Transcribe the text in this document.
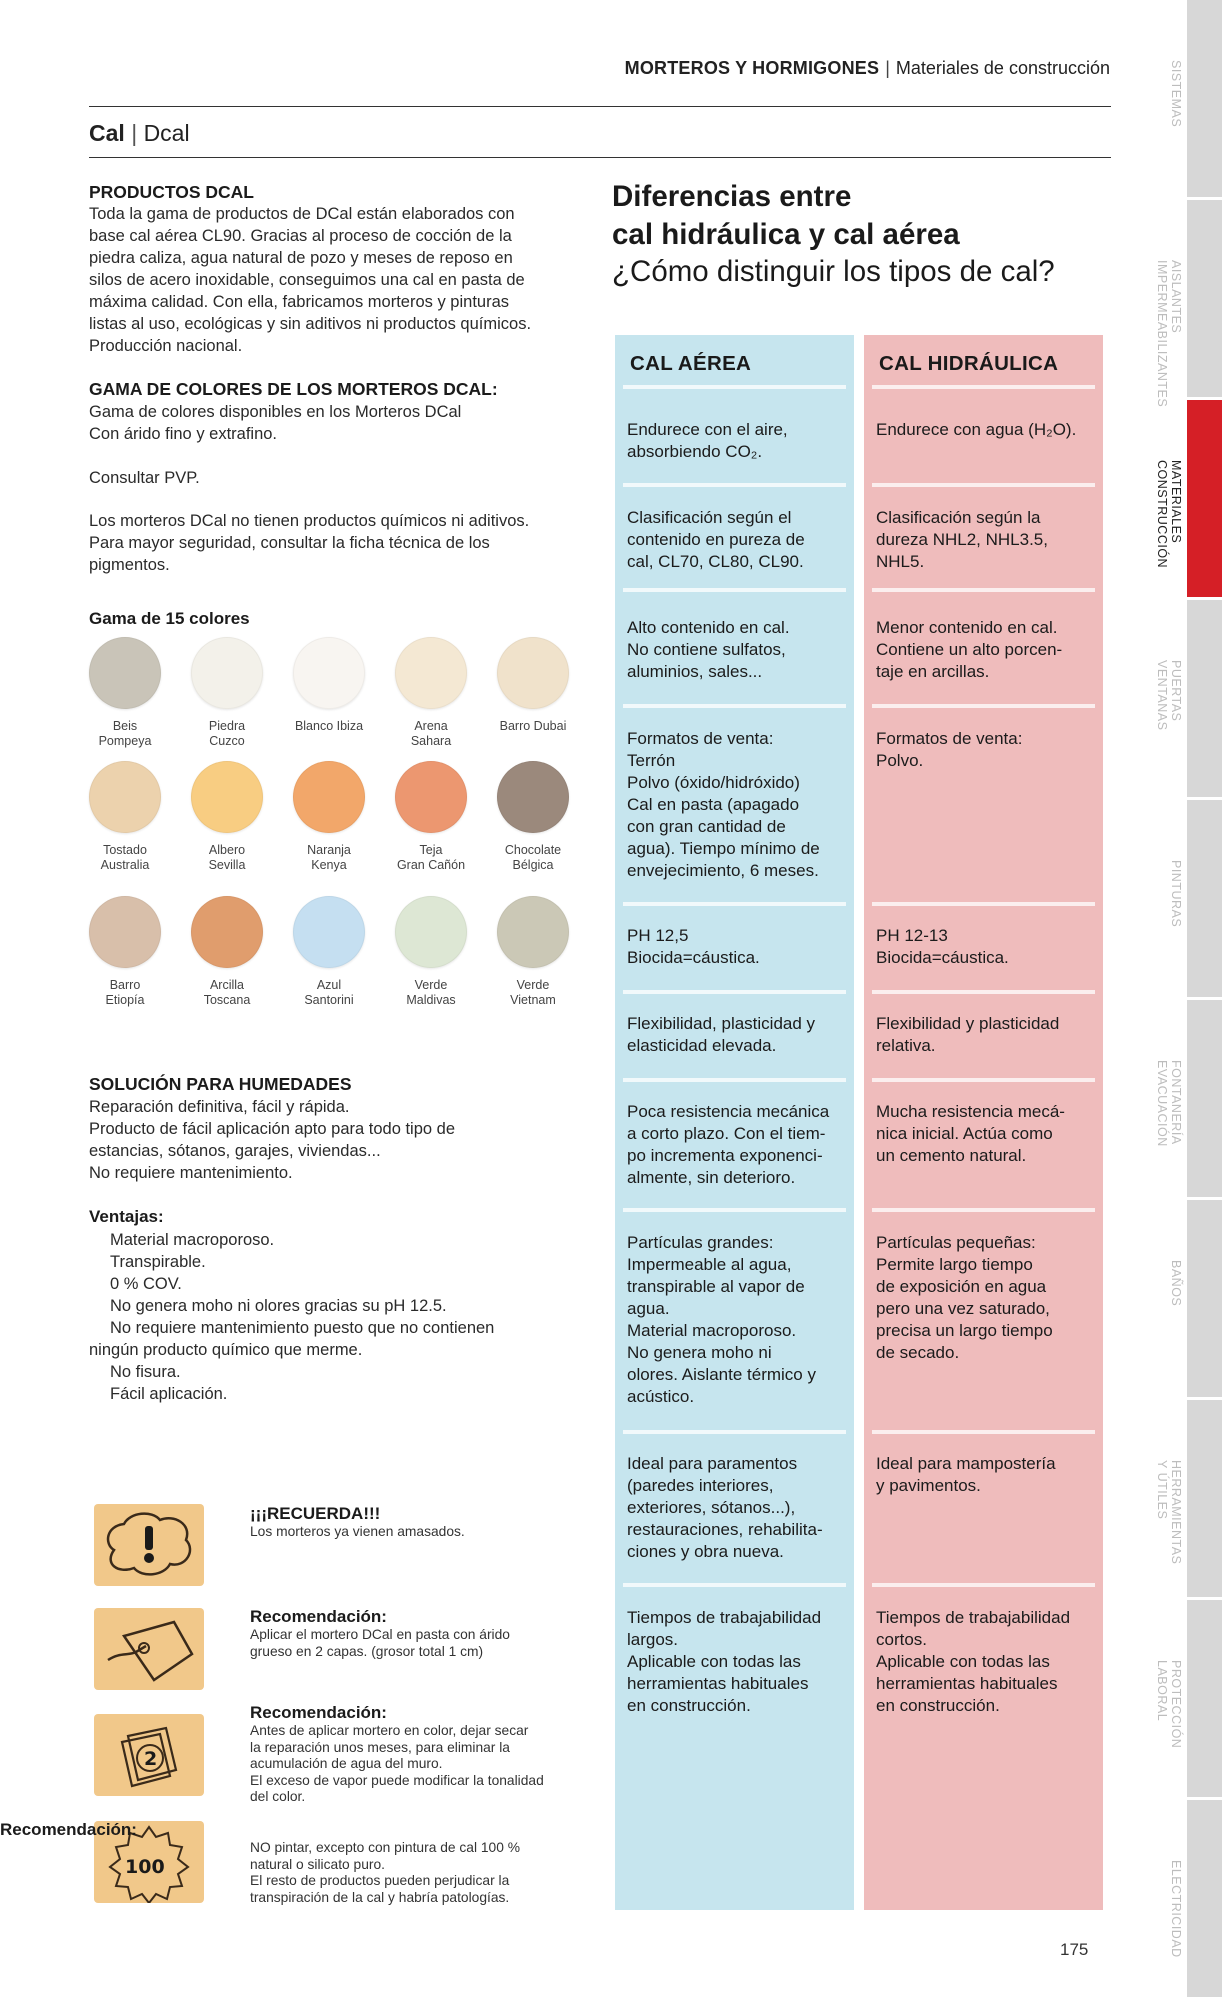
MORTEROS Y HORMIGONES | Materiales de construcción
Cal | Dcal
PRODUCTOS DCAL

Toda la gama de productos de DCal están elaborados con

base cal aérea CL90. Gracias al proceso de cocción de la

piedra caliza, agua natural de pozo y meses de reposo en

silos de acero inoxidable, conseguimos una cal en pasta de

máxima calidad. Con ella, fabricamos morteros y pinturas

listas al uso, ecológicas y sin aditivos ni productos químicos.

Producción nacional.

GAMA DE COLORES DE LOS MORTEROS DCAL:

Gama de colores disponibles en los Morteros DCal

Con árido fino y extrafino.

Consultar PVP.

Los morteros DCal no tienen productos químicos ni aditivos.

Para mayor seguridad, consultar la ficha técnica de los

pigmentos.

Gama de 15 colores
SOLUCIÓN PARA HUMEDADES

Reparación definitiva, fácil y rápida.

Producto de fácil aplicación apto para todo tipo de

estancias, sótanos, garajes, viviendas...

No requiere mantenimiento.

Ventajas:

Material macroporoso.

Transpirable.

0 % COV.

No genera moho ni olores gracias su pH 12.5.

No requiere mantenimiento puesto que no contienen

ningún producto químico que merme.

No fisura.

Fácil aplicación.

¡¡¡RECUERDA!!!
Los morteros ya vienen amasados.
Recomendación:
Aplicar el mortero DCal en pasta con árido
grueso en 2 capas. (grosor total 1 cm)
2
Recomendación:
Antes de aplicar mortero en color, dejar secar
la reparación unos meses, para eliminar la
acumulación de agua del muro.
El exceso de vapor puede modificar la tonalidad
del color.
100
Recomendación:
NO pintar, excepto con pintura de cal 100 %
natural o silicato puro.
El resto de productos pueden perjudicar la
transpiración de la cal y habría patologías.
Diferencias entre
cal hidráulica y cal aérea
¿Cómo distinguir los tipos de cal?
CAL AÉREA
Endurece con el aire,
absorbiendo CO₂.
Clasificación según el
contenido en pureza de
cal, CL70, CL80, CL90.
Alto contenido en cal.
No contiene sulfatos,
aluminios, sales...
Formatos de venta:
Terrón
Polvo (óxido/hidróxido)
Cal en pasta (apagado
con gran cantidad de
agua). Tiempo mínimo de
envejecimiento, 6 meses.
PH 12,5
Biocida=cáustica.
Flexibilidad, plasticidad y
elasticidad elevada.
Poca resistencia mecánica
a corto plazo. Con el tiem-
po incrementa exponenci-
almente, sin deterioro.
Partículas grandes:
Impermeable al agua,
transpirable al vapor de
agua.
Material macroporoso.
No genera moho ni
olores. Aislante térmico y
acústico.
Ideal para paramentos
(paredes interiores,
exteriores, sótanos...),
restauraciones, rehabilita-
ciones y obra nueva.
Tiempos de trabajabilidad
largos.
Aplicable con todas las
herramientas habituales
en construcción.
CAL HIDRÁULICA
Endurece con agua (H₂O).
Clasificación según la
dureza NHL2, NHL3.5,
NHL5.
Menor contenido en cal.
Contiene un alto porcen-
taje en arcillas.
Formatos de venta:
Polvo.
PH 12-13
Biocida=cáustica.
Flexibilidad y plasticidad
relativa.
Mucha resistencia mecá-
nica inicial. Actúa como
un cemento natural.
Partículas pequeñas:
Permite largo tiempo
de exposición en agua
pero una vez saturado,
precisa un largo tiempo
de secado.
Ideal para mampostería
y pavimentos.
Tiempos de trabajabilidad
cortos.
Aplicable con todas las
herramientas habituales
en construcción.
175
SISTEMAS
AISLANTES
IMPERMEABILIZANTES
MATERIALES
CONSTRUCCIÓN
PUERTAS
VENTANAS
PINTURAS
FONTANERÍA
EVACUACIÓN
BAÑOS
HERRAMIENTAS
Y ÚTILES
PROTECCIÓN
LABORAL
ELECTRICIDAD
Beis
Pompeya
Piedra
Cuzco
Blanco Ibiza	Arena
Sahara
Barro Dubai
Tostado
Australia
Albero
Sevilla
Naranja
Kenya
Teja
Gran Cañón
Chocolate
Bélgica
Barro
Etiopía
Arcilla
Toscana
Azul
Santorini
Verde
Maldivas
Verde
Vietnam
